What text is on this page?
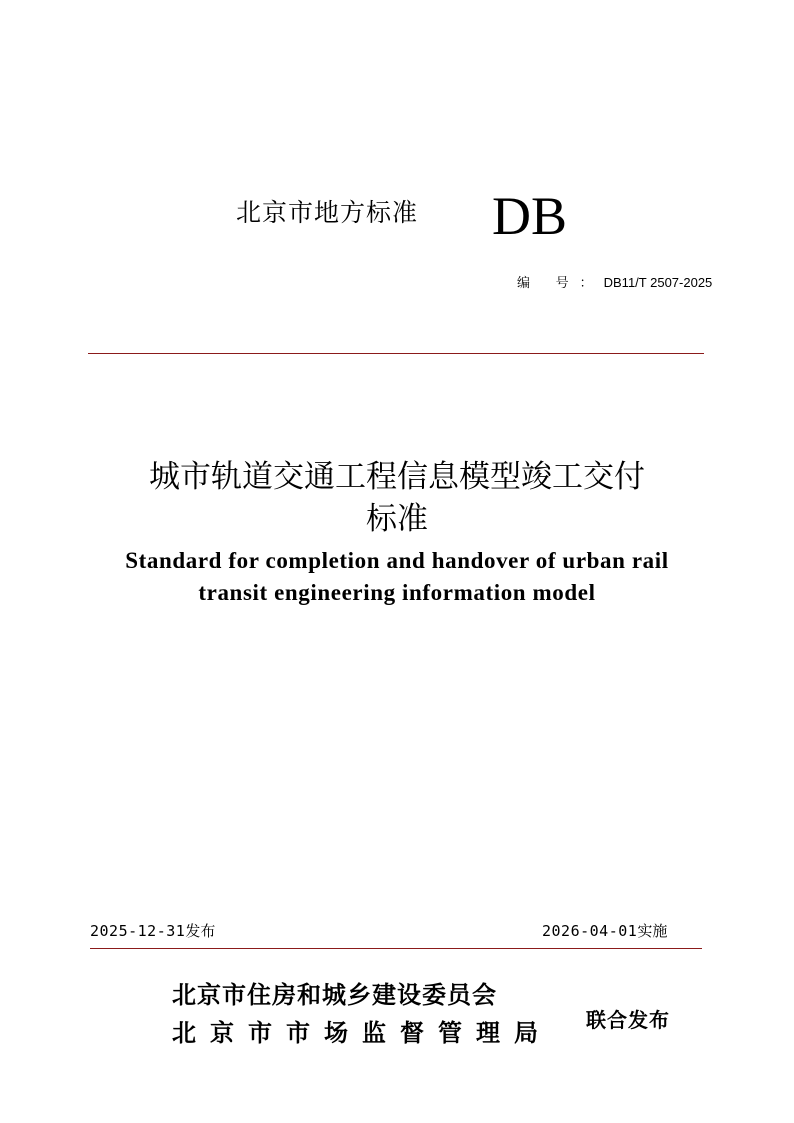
北京市地方标准 DB
编 号：DB11/T 2507-2025
城市轨道交通工程信息模型竣工交付
标准
Standard for completion and handover of urban rail
transit engineering information model
2025-12-31发布	2026-04-01实施
北京市住房和城乡建设委员会
北京市市场监督管理局 联合发布
